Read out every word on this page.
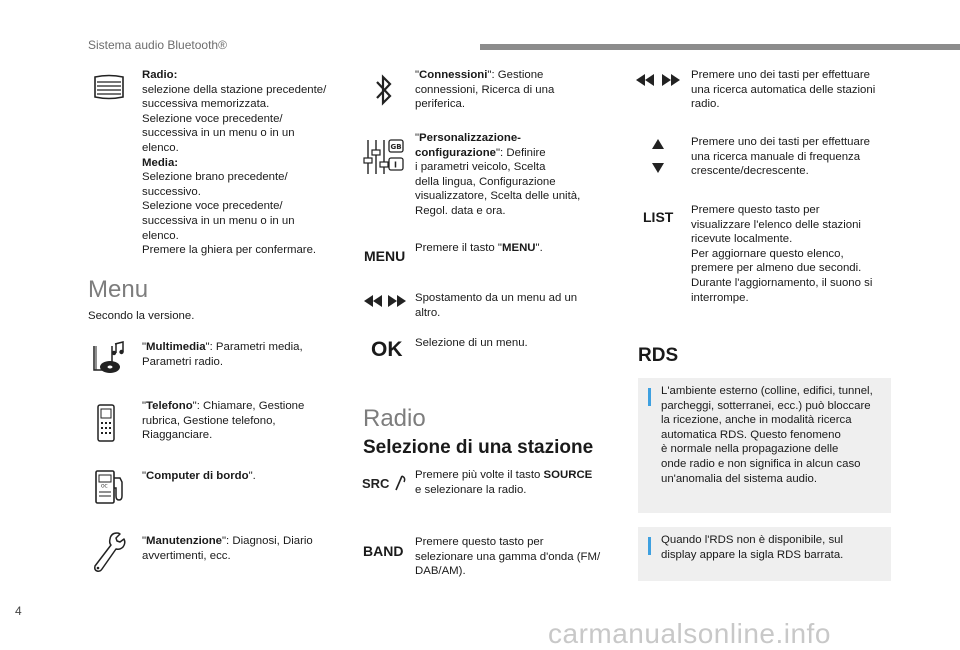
Sistema audio Bluetooth®
Radio:
selezione della stazione precedente/
successiva memorizzata.
Selezione voce precedente/
successiva in un menu o in un
elenco.
Media:
Selezione brano precedente/
successivo.
Selezione voce precedente/
successiva in un menu o in un
elenco.
Premere la ghiera per confermare.
Menu
Secondo la versione.
"Multimedia": Parametri media,
Parametri radio.
"Telefono": Chiamare, Gestione
rubrica, Gestione telefono,
Riagganciare.
OC
"Computer di bordo".
"Manutenzione": Diagnosi, Diario
avvertimenti, ecc.
"Connessioni": Gestione
connessioni, Ricerca di una
periferica.
GB
I
"Personalizzazione-
configurazione": Definire
i parametri veicolo, Scelta
della lingua, Configurazione
visualizzatore, Scelta delle unità,
Regol. data e ora.
MENU Premere il tasto "MENU".
Spostamento da un menu ad un
altro.
OK Selezione di un menu.
Radio
Selezione di una stazione
SRC
Premere più volte il tasto SOURCE
e selezionare la radio.
BAND
Premere questo tasto per
selezionare una gamma d'onda (FM/
DAB/AM).
Premere uno dei tasti per effettuare
una ricerca automatica delle stazioni
radio.
Premere uno dei tasti per effettuare
una ricerca manuale di frequenza
crescente/decrescente.
LIST Premere questo tasto per
visualizzare l'elenco delle stazioni
ricevute localmente.
Per aggiornare questo elenco,
premere per almeno due secondi.
Durante l'aggiornamento, il suono si
interrompe.
RDS
L'ambiente esterno (colline, edifici, tunnel,
parcheggi, sotterranei, ecc.) può bloccare
la ricezione, anche in modalità ricerca
automatica RDS. Questo fenomeno
è normale nella propagazione delle
onde radio e non significa in alcun caso
un'anomalia del sistema audio.
Quando l'RDS non è disponibile, sul
display appare la sigla RDS barrata.
4
carmanualsonline.info
